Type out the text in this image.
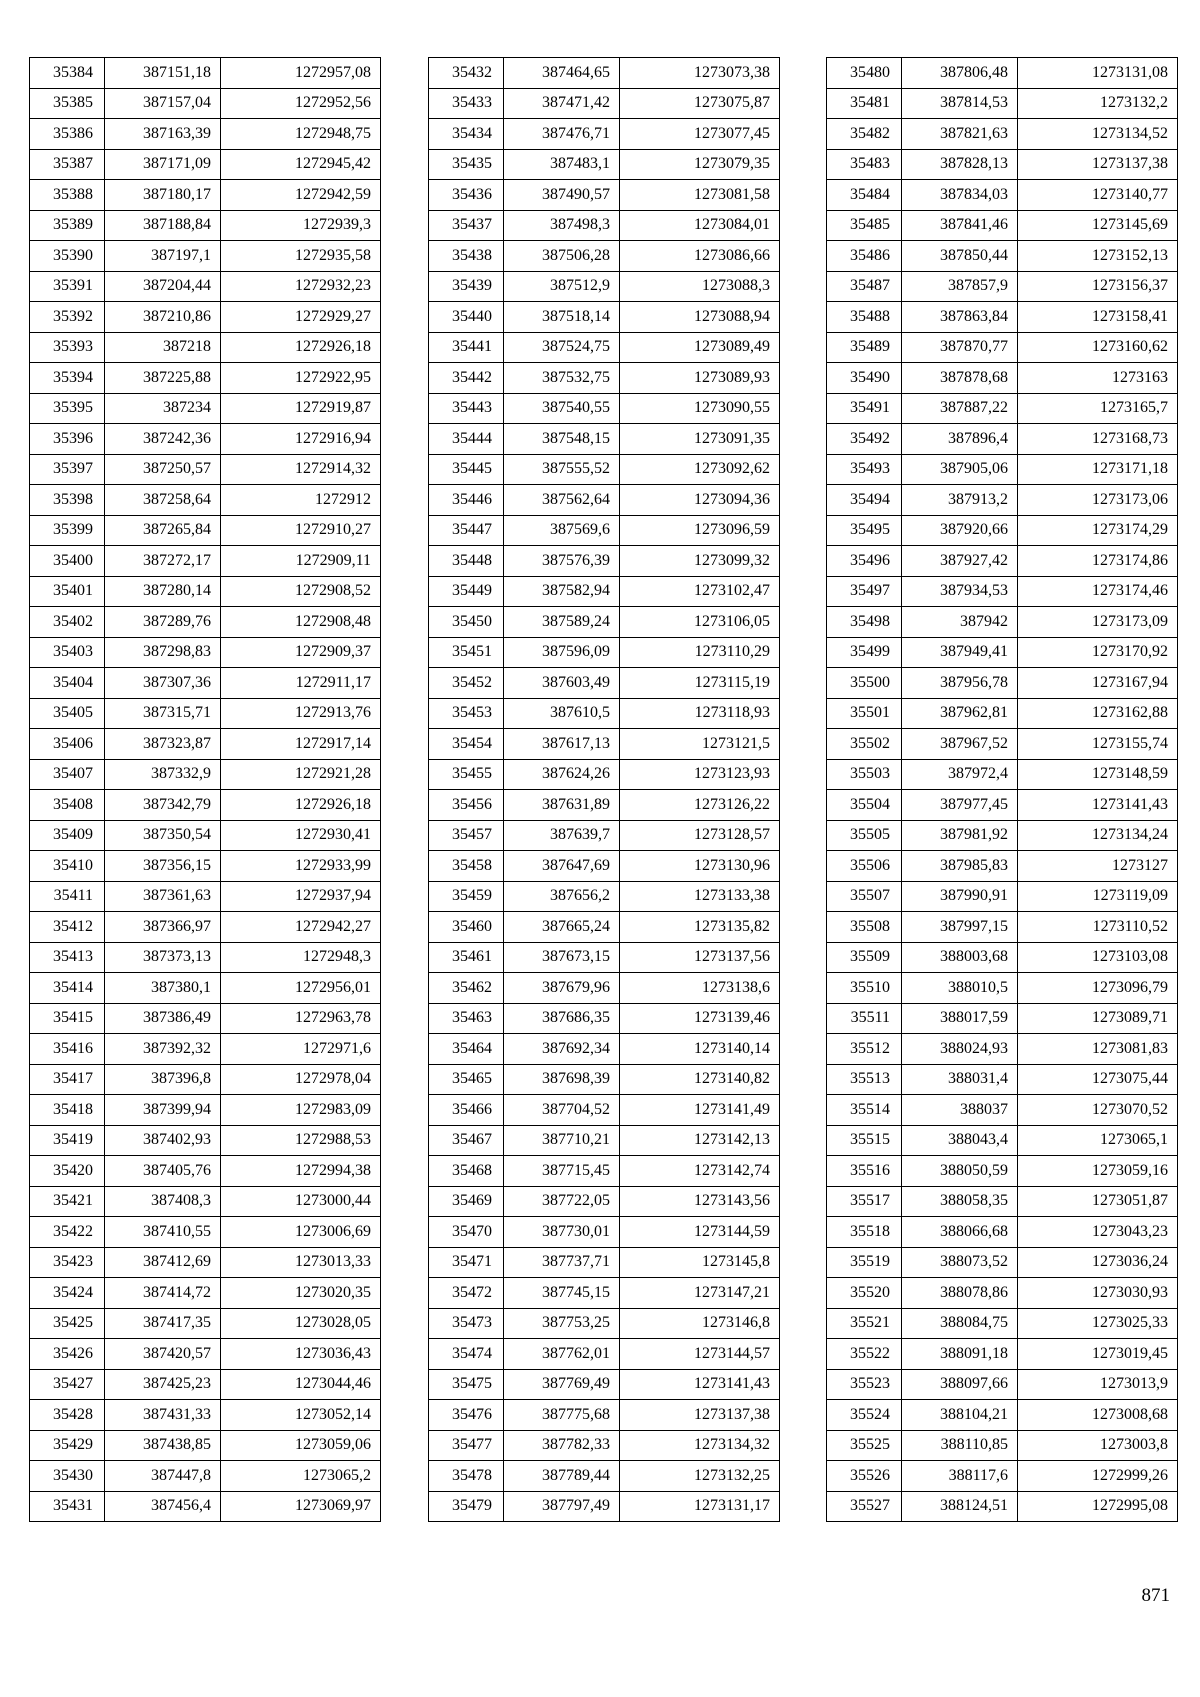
35384	387151,18	1272957,08
35385	387157,04	1272952,56
35386	387163,39	1272948,75
35387	387171,09	1272945,42
35388	387180,17	1272942,59
35389	387188,84	1272939,3
35390	387197,1	1272935,58
35391	387204,44	1272932,23
35392	387210,86	1272929,27
35393	387218	1272926,18
35394	387225,88	1272922,95
35395	387234	1272919,87
35396	387242,36	1272916,94
35397	387250,57	1272914,32
35398	387258,64	1272912
35399	387265,84	1272910,27
35400	387272,17	1272909,11
35401	387280,14	1272908,52
35402	387289,76	1272908,48
35403	387298,83	1272909,37
35404	387307,36	1272911,17
35405	387315,71	1272913,76
35406	387323,87	1272917,14
35407	387332,9	1272921,28
35408	387342,79	1272926,18
35409	387350,54	1272930,41
35410	387356,15	1272933,99
35411	387361,63	1272937,94
35412	387366,97	1272942,27
35413	387373,13	1272948,3
35414	387380,1	1272956,01
35415	387386,49	1272963,78
35416	387392,32	1272971,6
35417	387396,8	1272978,04
35418	387399,94	1272983,09
35419	387402,93	1272988,53
35420	387405,76	1272994,38
35421	387408,3	1273000,44
35422	387410,55	1273006,69
35423	387412,69	1273013,33
35424	387414,72	1273020,35
35425	387417,35	1273028,05
35426	387420,57	1273036,43
35427	387425,23	1273044,46
35428	387431,33	1273052,14
35429	387438,85	1273059,06
35430	387447,8	1273065,2
35431	387456,4	1273069,97
35432	387464,65	1273073,38
35433	387471,42	1273075,87
35434	387476,71	1273077,45
35435	387483,1	1273079,35
35436	387490,57	1273081,58
35437	387498,3	1273084,01
35438	387506,28	1273086,66
35439	387512,9	1273088,3
35440	387518,14	1273088,94
35441	387524,75	1273089,49
35442	387532,75	1273089,93
35443	387540,55	1273090,55
35444	387548,15	1273091,35
35445	387555,52	1273092,62
35446	387562,64	1273094,36
35447	387569,6	1273096,59
35448	387576,39	1273099,32
35449	387582,94	1273102,47
35450	387589,24	1273106,05
35451	387596,09	1273110,29
35452	387603,49	1273115,19
35453	387610,5	1273118,93
35454	387617,13	1273121,5
35455	387624,26	1273123,93
35456	387631,89	1273126,22
35457	387639,7	1273128,57
35458	387647,69	1273130,96
35459	387656,2	1273133,38
35460	387665,24	1273135,82
35461	387673,15	1273137,56
35462	387679,96	1273138,6
35463	387686,35	1273139,46
35464	387692,34	1273140,14
35465	387698,39	1273140,82
35466	387704,52	1273141,49
35467	387710,21	1273142,13
35468	387715,45	1273142,74
35469	387722,05	1273143,56
35470	387730,01	1273144,59
35471	387737,71	1273145,8
35472	387745,15	1273147,21
35473	387753,25	1273146,8
35474	387762,01	1273144,57
35475	387769,49	1273141,43
35476	387775,68	1273137,38
35477	387782,33	1273134,32
35478	387789,44	1273132,25
35479	387797,49	1273131,17
35480	387806,48	1273131,08
35481	387814,53	1273132,2
35482	387821,63	1273134,52
35483	387828,13	1273137,38
35484	387834,03	1273140,77
35485	387841,46	1273145,69
35486	387850,44	1273152,13
35487	387857,9	1273156,37
35488	387863,84	1273158,41
35489	387870,77	1273160,62
35490	387878,68	1273163
35491	387887,22	1273165,7
35492	387896,4	1273168,73
35493	387905,06	1273171,18
35494	387913,2	1273173,06
35495	387920,66	1273174,29
35496	387927,42	1273174,86
35497	387934,53	1273174,46
35498	387942	1273173,09
35499	387949,41	1273170,92
35500	387956,78	1273167,94
35501	387962,81	1273162,88
35502	387967,52	1273155,74
35503	387972,4	1273148,59
35504	387977,45	1273141,43
35505	387981,92	1273134,24
35506	387985,83	1273127
35507	387990,91	1273119,09
35508	387997,15	1273110,52
35509	388003,68	1273103,08
35510	388010,5	1273096,79
35511	388017,59	1273089,71
35512	388024,93	1273081,83
35513	388031,4	1273075,44
35514	388037	1273070,52
35515	388043,4	1273065,1
35516	388050,59	1273059,16
35517	388058,35	1273051,87
35518	388066,68	1273043,23
35519	388073,52	1273036,24
35520	388078,86	1273030,93
35521	388084,75	1273025,33
35522	388091,18	1273019,45
35523	388097,66	1273013,9
35524	388104,21	1273008,68
35525	388110,85	1273003,8
35526	388117,6	1272999,26
35527	388124,51	1272995,08
871
